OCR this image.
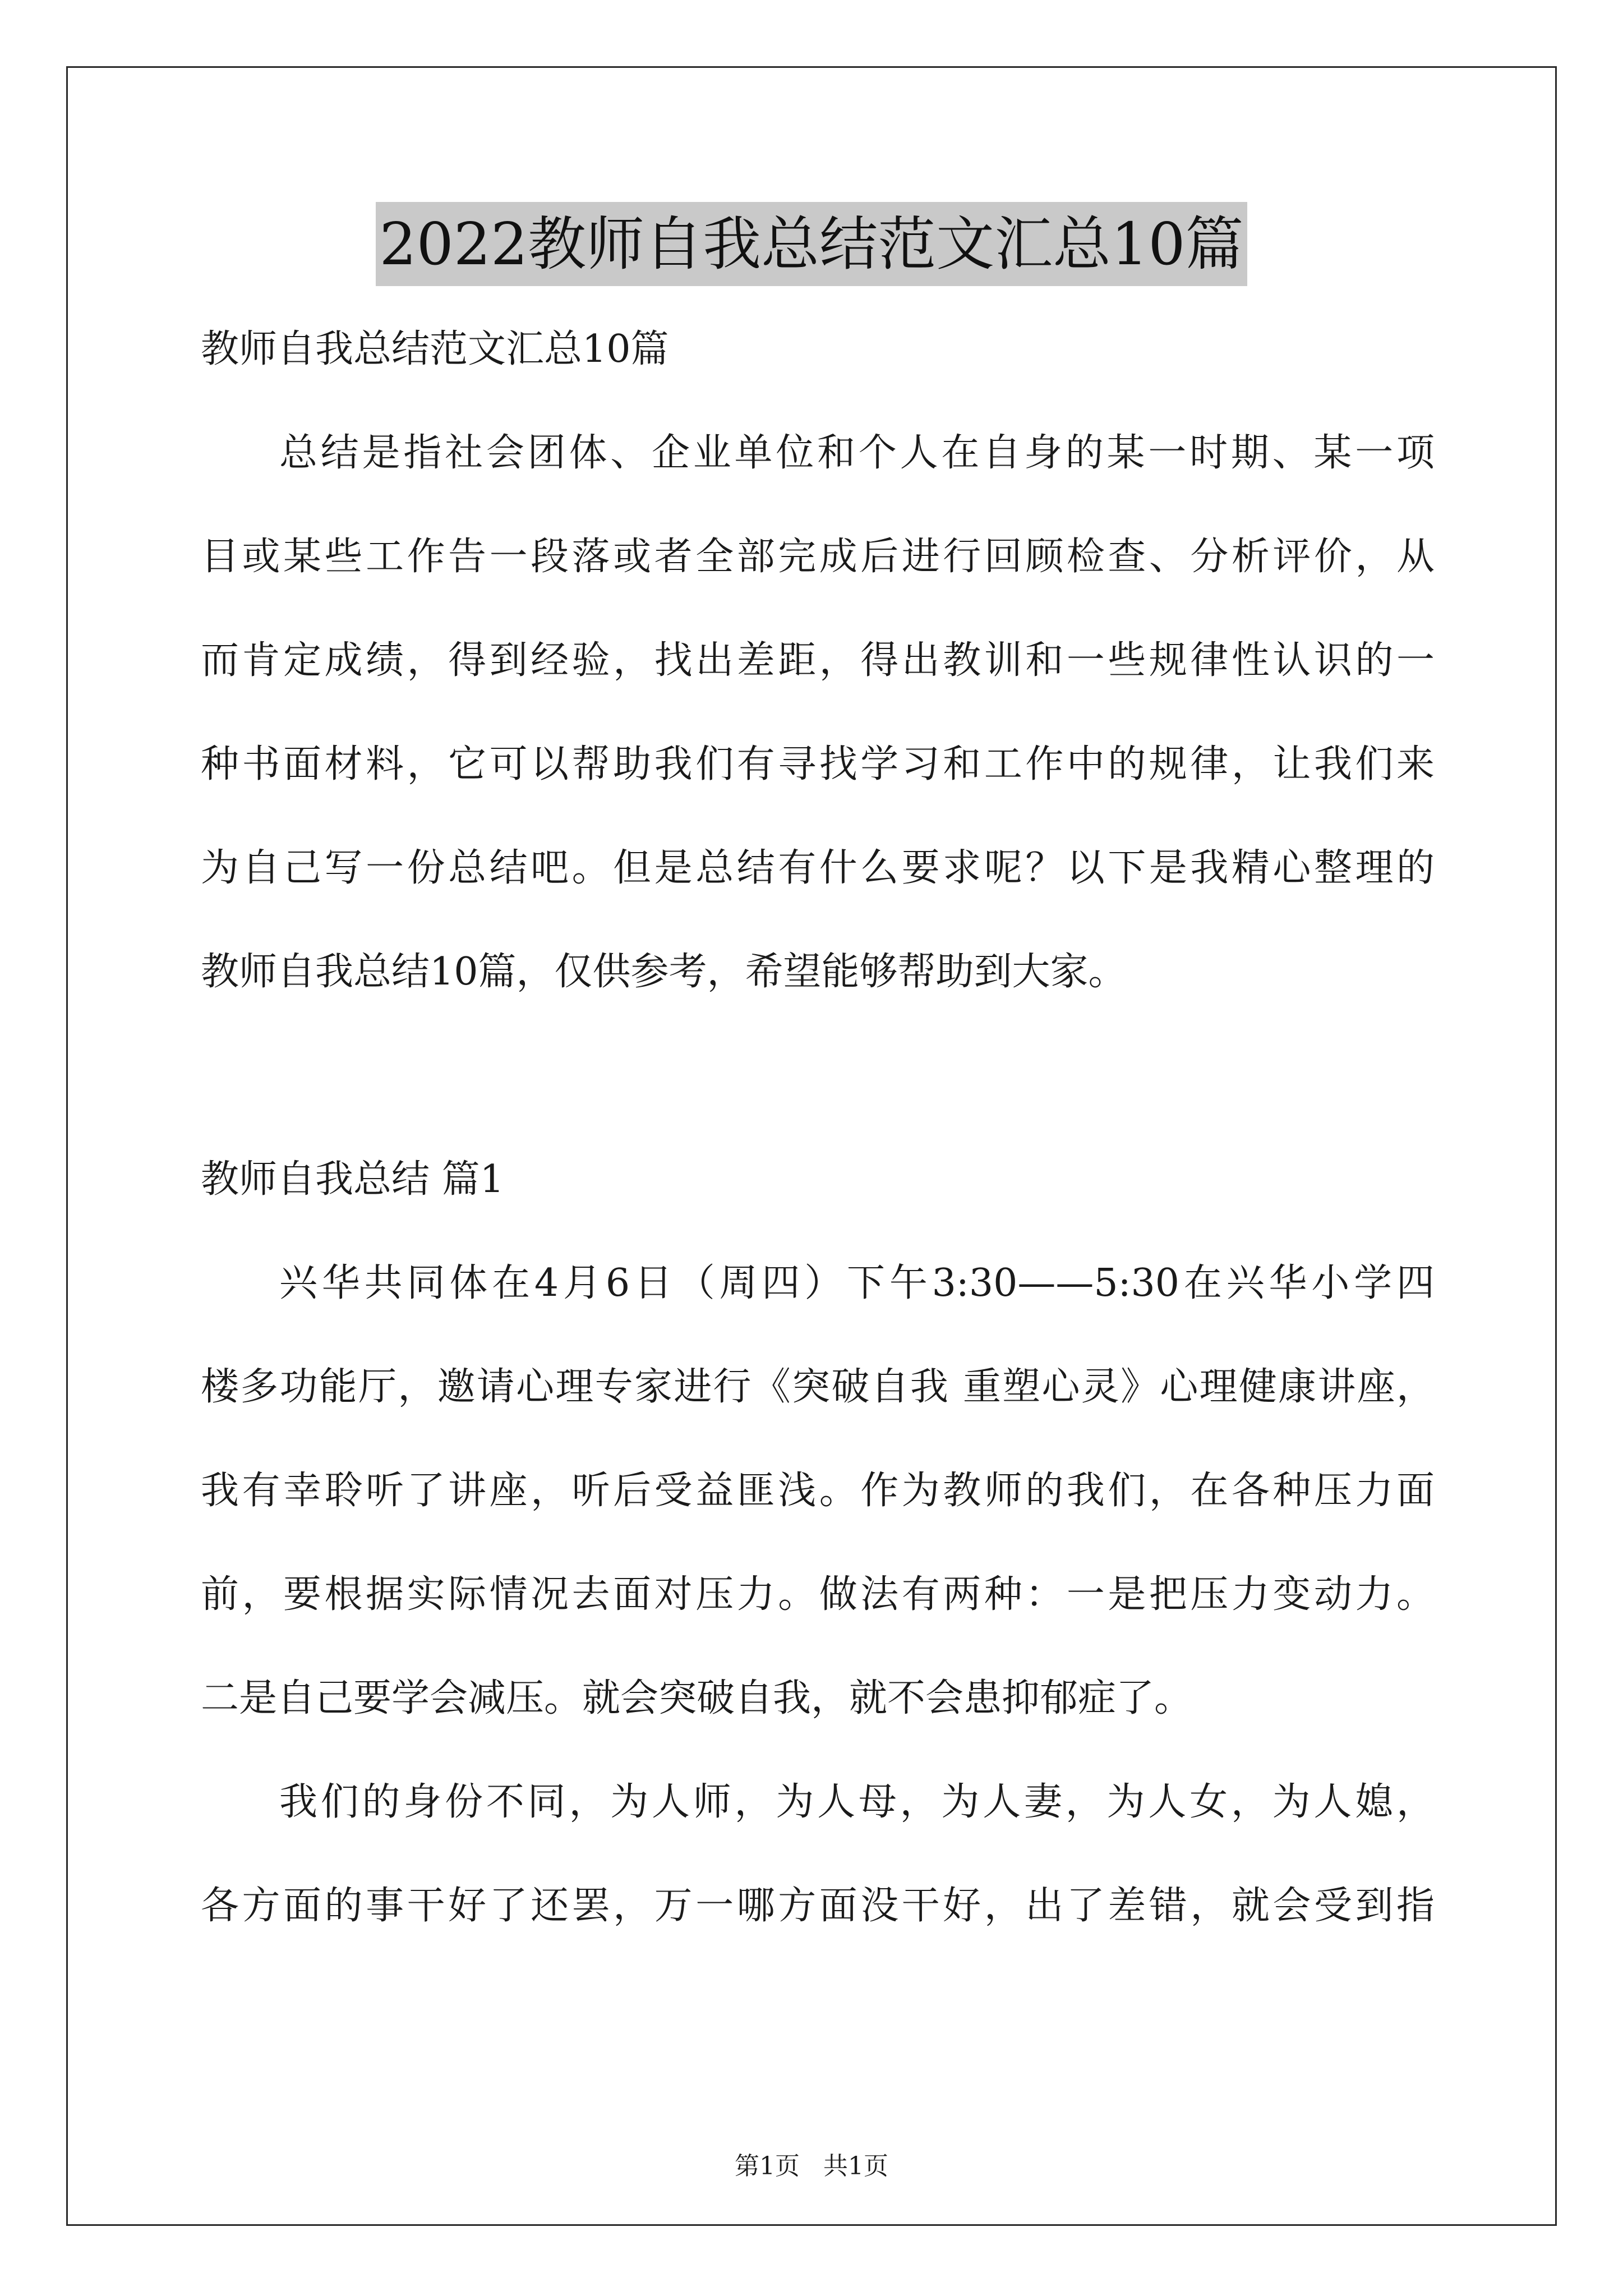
2022教师自我总结范文汇总10篇

教师自我总结范文汇总10篇

总结是指社会团体、企业单位和个人在自身的某一时期、某一项

目或某些工作告一段落或者全部完成后进行回顾检查、分析评价，从

而肯定成绩，得到经验，找出差距，得出教训和一些规律性认识的一

种书面材料，它可以帮助我们有寻找学习和工作中的规律，让我们来

为自己写一份总结吧。但是总结有什么要求呢？以下是我精心整理的

教师自我总结10篇，仅供参考，希望能够帮助到大家。

教师自我总结 篇1

兴华共同体在4月6日（周四）下午3:30——5:30在兴华小学四

楼多功能厅，邀请心理专家进行《突破自我 重塑心灵》心理健康讲座，

我有幸聆听了讲座，听后受益匪浅。作为教师的我们，在各种压力面

前，要根据实际情况去面对压力。做法有两种：一是把压力变动力。

二是自己要学会减压。就会突破自我，就不会患抑郁症了。

我们的身份不同，为人师，为人母，为人妻，为人女，为人媳，

各方面的事干好了还罢，万一哪方面没干好，出了差错，就会受到指

第1页 共1页
